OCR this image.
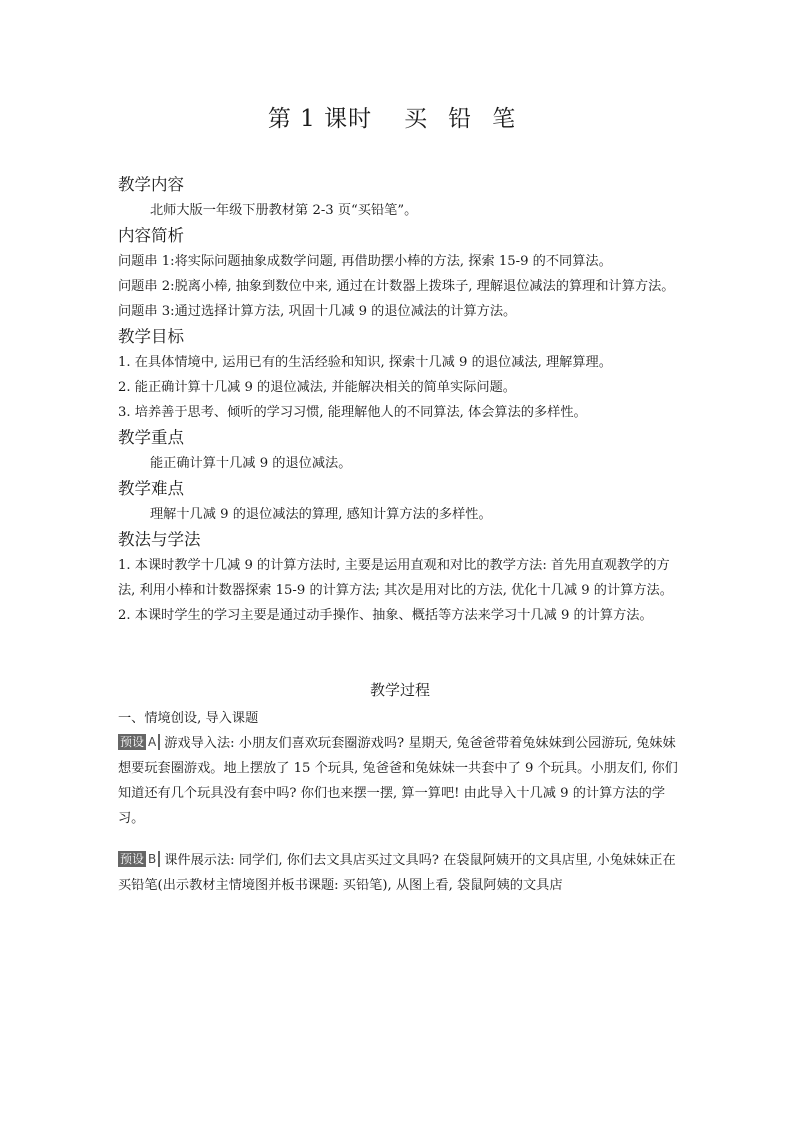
第 1 课时 买 铅 笔
教学内容
北师大版一年级下册教材第 2-3 页“买铅笔”。
内容简析
问题串 1:将实际问题抽象成数学问题, 再借助摆小棒的方法, 探索 15-9 的不同算法。
问题串 2:脱离小棒, 抽象到数位中来, 通过在计数器上拨珠子, 理解退位减法的算理和计算方法。
问题串 3:通过选择计算方法, 巩固十几减 9 的退位减法的计算方法。
教学目标
1. 在具体情境中, 运用已有的生活经验和知识, 探索十几减 9 的退位减法, 理解算理。
2. 能正确计算十几减 9 的退位减法, 并能解决相关的简单实际问题。
3. 培养善于思考、倾听的学习习惯, 能理解他人的不同算法, 体会算法的多样性。
教学重点
能正确计算十几减 9 的退位减法。
教学难点
理解十几减 9 的退位减法的算理, 感知计算方法的多样性。
教法与学法
1. 本课时教学十几减 9 的计算方法时, 主要是运用直观和对比的教学方法: 首先用直观教学的方法, 利用小棒和计数器探索 15-9 的计算方法; 其次是用对比的方法, 优化十几减 9 的计算方法。
2. 本课时学生的学习主要是通过动手操作、抽象、概括等方法来学习十几减 9 的计算方法。
教学过程
一、情境创设, 导入课题
预设 A 游戏导入法: 小朋友们喜欢玩套圈游戏吗? 星期天, 兔爸爸带着兔妹妹到公园游玩, 兔妹妹想要玩套圈游戏。地上摆放了 15 个玩具, 兔爸爸和兔妹妹一共套中了 9 个玩具。小朋友们, 你们知道还有几个玩具没有套中吗? 你们也来摆一摆, 算一算吧! 由此导入十几减 9 的计算方法的学习。
预设 B 课件展示法: 同学们, 你们去文具店买过文具吗? 在袋鼠阿姨开的文具店里, 小兔妹妹正在买铅笔(出示教材主情境图并板书课题: 买铅笔), 从图上看, 袋鼠阿姨的文具店
